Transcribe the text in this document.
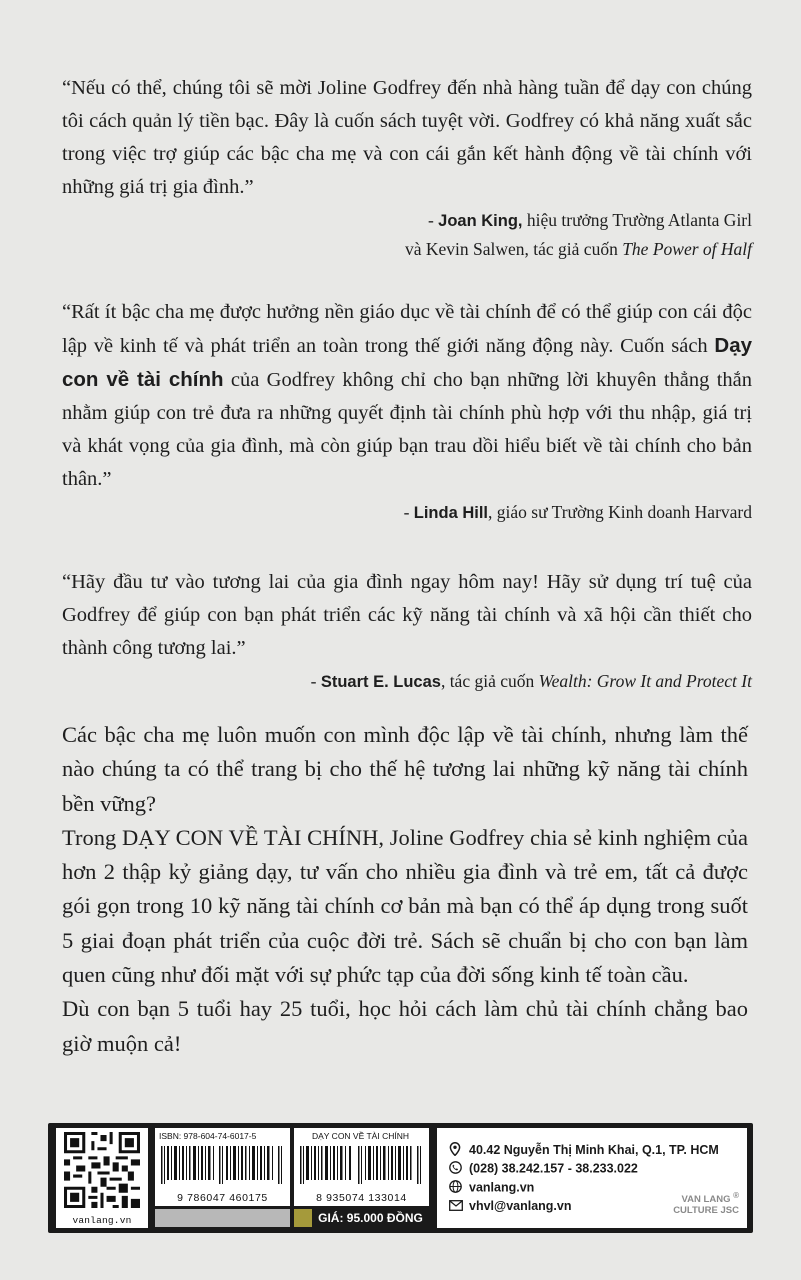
“Nếu có thể, chúng tôi sẽ mời Joline Godfrey đến nhà hàng tuần để dạy con chúng tôi cách quản lý tiền bạc. Đây là cuốn sách tuyệt vời. Godfrey có khả năng xuất sắc trong việc trợ giúp các bậc cha mẹ và con cái gắn kết hành động về tài chính với những giá trị gia đình.”

- Joan King, hiệu trưởng Trường Atlanta Girl
và Kevin Salwen, tác giả cuốn The Power of Half

“Rất ít bậc cha mẹ được hưởng nền giáo dục về tài chính để có thể giúp con cái độc lập về kinh tế và phát triển an toàn trong thế giới năng động này. Cuốn sách Dạy con về tài chính của Godfrey không chỉ cho bạn những lời khuyên thẳng thắn nhằm giúp con trẻ đưa ra những quyết định tài chính phù hợp với thu nhập, giá trị và khát vọng của gia đình, mà còn giúp bạn trau dồi hiểu biết về tài chính cho bản thân.”

- Linda Hill, giáo sư Trường Kinh doanh Harvard

“Hãy đầu tư vào tương lai của gia đình ngay hôm nay! Hãy sử dụng trí tuệ của Godfrey để giúp con bạn phát triển các kỹ năng tài chính và xã hội cần thiết cho thành công tương lai.”

- Stuart E. Lucas, tác giả cuốn Wealth: Grow It and Protect It

Các bậc cha mẹ luôn muốn con mình độc lập về tài chính, nhưng làm thế nào chúng ta có thể trang bị cho thế hệ tương lai những kỹ năng tài chính bền vững?

Trong DẠY CON VỀ TÀI CHÍNH, Joline Godfrey chia sẻ kinh nghiệm của hơn 2 thập kỷ giảng dạy, tư vấn cho nhiều gia đình và trẻ em, tất cả được gói gọn trong 10 kỹ năng tài chính cơ bản mà bạn có thể áp dụng trong suốt 5 giai đoạn phát triển của cuộc đời trẻ. Sách sẽ chuẩn bị cho con bạn làm quen cũng như đối mặt với sự phức tạp của đời sống kinh tế toàn cầu.

Dù con bạn 5 tuổi hay 25 tuổi, học hỏi cách làm chủ tài chính chẳng bao giờ muộn cả!

vanlang.vn
ISBN: 978-604-74-6017-5
9 786047 460175
DẠY CON VỀ TÀI CHÍNH
8 935074 133014
GIÁ: 95.000 ĐỒNG
40.42 Nguyễn Thị Minh Khai, Q.1, TP. HCM
(028) 38.242.157 - 38.233.022
vanlang.vn
vhvl@vanlang.vn	VAN LANG ®
CULTURE JSC
